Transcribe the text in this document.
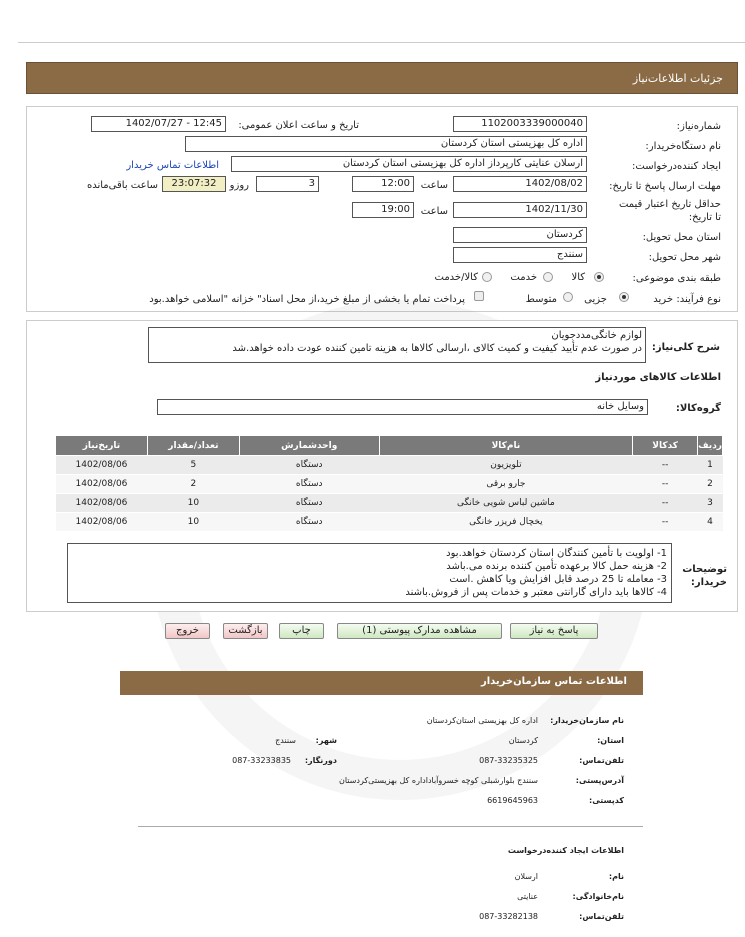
جزئیات اطلاعات‌نیاز
شماره‌نیاز:
1102003339000040
تاریخ و ساعت اعلان عمومی:
1402/07/27 - 12:45
نام دستگاه‌خریدار:
اداره کل بهزیستی استان کردستان
ایجاد کننده‌درخواست:
ارسلان عنایتی کارپرداز اداره کل بهزیستی استان کردستان
اطلاعات تماس خریدار
مهلت ارسال پاسخ تا تاریخ:
1402/08/02
ساعت
12:00
3
روزو
23:07:32
ساعت باقی‌مانده
حداقل تاریخ اعتبار قیمت تا تاریخ:
1402/11/30
ساعت
19:00
استان محل تحویل:
کردستان
شهر محل تحویل:
سنندج
طبقه بندی موضوعی:
کالا
خدمت
کالا/خدمت
نوع فرآیند:
خرید
جزیی
متوسط
پرداخت تمام یا بخشی از مبلغ خرید،از محل اسناد" خزانه "اسلامی خواهد.بود
شرح کلی‌نیاز:
لوازم خانگی‌مددجویان
در صورت عدم تأیید کیفیت و کمیت کالای ،ارسالی کالاها به هزینه تامین کننده عودت داده خواهد.شد
اطلاعات کالاهای موردنیاز
گروه‌کالا:
وسایل خانه
ردیف	کدکالا	نام‌کالا	واحدشمارش	تعداد/مقدار	تاریخ‌نیاز
1	--	تلویزیون	دستگاه	5	1402/08/06
2	--	جارو برقی	دستگاه	2	1402/08/06
3	--	ماشین لباس شویی خانگی	دستگاه	10	1402/08/06
4	--	یخچال فریزر خانگی	دستگاه	10	1402/08/06
توضیحات خریدار:
1- اولویت با تأمین کنندگان استان کردستان خواهد.بود
2- هزینه حمل کالا برعهده تأمین کننده برنده می.باشد
3- معامله تا 25 درصد قابل افزایش ویا کاهش .است
4- کالاها باید دارای گارانتی معتبر و خدمات پس از فروش.باشند
پاسخ به نیاز
مشاهده مدارک پیوستی (1)
چاپ
بازگشت
خروج
اطلاعات تماس سازمان‌خریدار
نام سازمان‌خریدار:
اداره کل بهزیستی استان‌کردستان
استان:
کردستان
شهر:
سنندج
تلفن‌تماس:
087-33235325
دورنگار:
087-33233835
آدرس‌پستی:
سنندج بلوارشبلی کوچه خسروآباداداره کل بهزیستی‌کردستان
کد‌پستی:
6619645963
اطلاعات ایجاد کننده‌درخواست
نام:
ارسلان
نام‌خانوادگی:
عنایتی
تلفن‌تماس:
087-33282138
